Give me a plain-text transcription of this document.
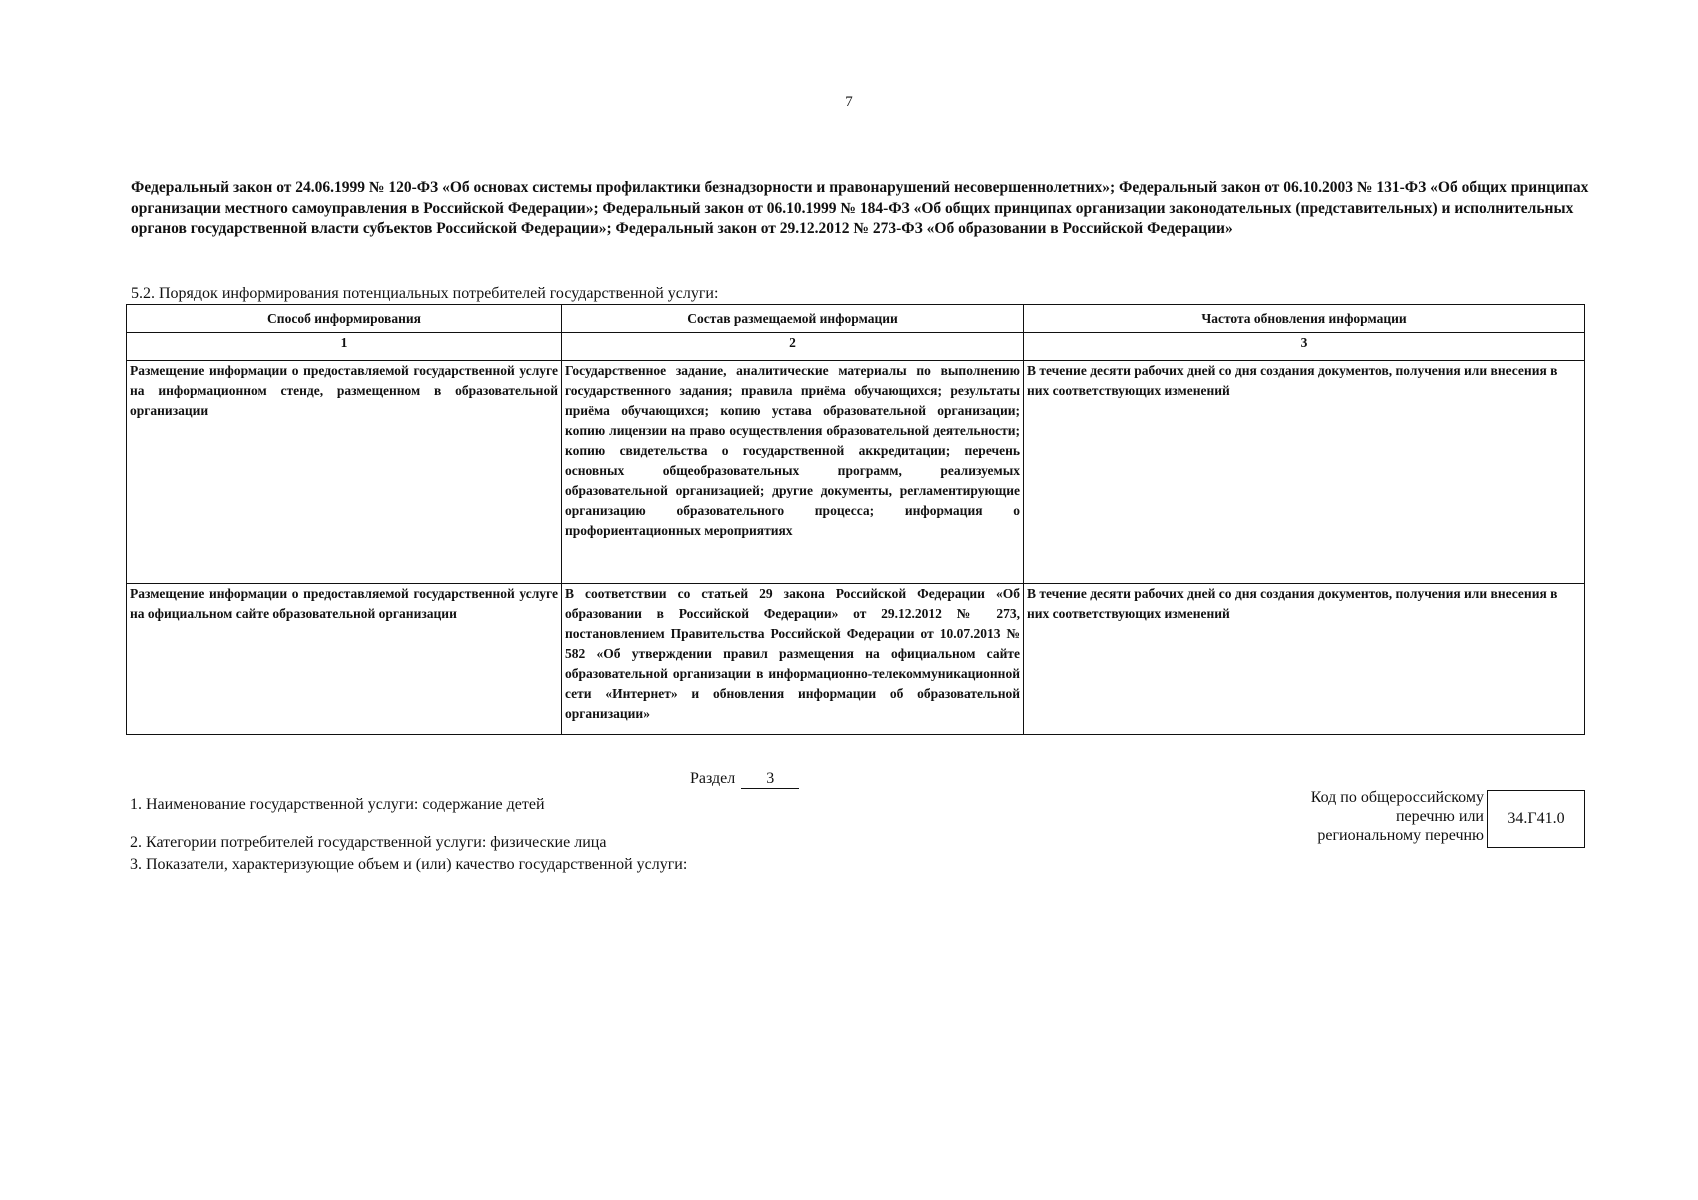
7
Федеральный закон от 24.06.1999 № 120-ФЗ «Об основах системы профилактики безнадзорности и правонарушений несовершеннолетних»; Федеральный закон от 06.10.2003 № 131-ФЗ «Об общих принципах организации местного самоуправления в Российской Федерации»; Федеральный закон от 06.10.1999 № 184-ФЗ «Об общих принципах организации законодательных (представительных) и исполнительных органов государственной власти субъектов Российской Федерации»; Федеральный закон от 29.12.2012 № 273-ФЗ «Об образовании в Российской Федерации»
5.2. Порядок информирования потенциальных потребителей государственной услуги:
Способ информирования	Состав размещаемой информации	Частота обновления информации
1	2	3
Размещение информации о предоставляемой государственной услуге на информационном стенде, размещенном в образовательной организации	Государственное задание, аналитические материалы по выполнению государственного задания; правила приёма обучающихся; результаты приёма обучающихся; копию устава образовательной организации; копию лицензии на право осуществления образовательной деятельности; копию свидетельства о государственной аккредитации; перечень основных общеобразовательных программ, реализуемых образовательной организацией; другие документы, регламентирующие организацию образовательного процесса; информация о профориентационных мероприятиях	В течение десяти рабочих дней со дня создания документов, получения или внесения в них соответствующих изменений
Размещение информации о предоставляемой государственной услуге на официальном сайте образовательной организации	В соответствии со статьей 29 закона Российской Федерации «Об образовании в Российской Федерации» от 29.12.2012 № 273, постановлением Правительства Российской Федерации от 10.07.2013 № 582 «Об утверждении правил размещения на официальном сайте образовательной организации в информационно-телекоммуникационной сети «Интернет» и обновления информации об образовательной организации»	В течение десяти рабочих дней со дня создания документов, получения или внесения в них соответствующих изменений
Раздел 3
1. Наименование государственной услуги: содержание детей
2. Категории потребителей государственной услуги: физические лица
3. Показатели, характеризующие объем и (или) качество государственной услуги:
Код по общероссийскому
перечню или
региональному перечню
34.Г41.0
